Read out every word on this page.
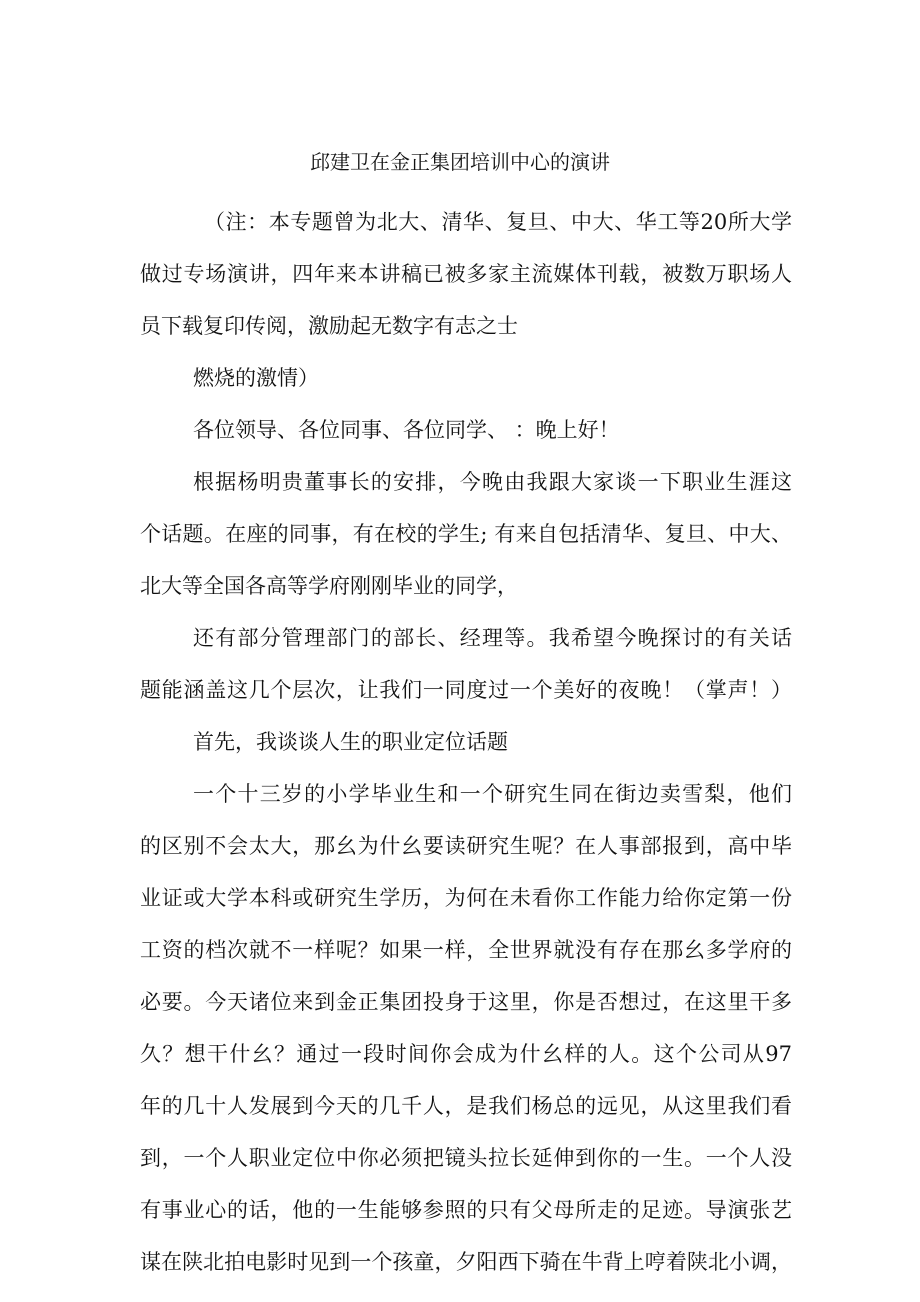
邱建卫在金正集团培训中心的演讲
（注：本专题曾为北大、清华、复旦、中大、华工等20所大学
做过专场演讲，四年来本讲稿已被多家主流媒体刊载，被数万职场人
员下载复印传阅，激励起无数字有志之士
燃烧的激情）
各位领导、各位同事、各位同学、 ：晚上好！
根据杨明贵董事长的安排，今晚由我跟大家谈一下职业生涯这
个话题。在座的同事，有在校的学生; 有来自包括清华、复旦、中大、
北大等全国各高等学府刚刚毕业的同学，
还有部分管理部门的部长、经理等。我希望今晚探讨的有关话
题能涵盖这几个层次，让我们一同度过一个美好的夜晚！（掌声！）
首先，我谈谈人生的职业定位话题
一个十三岁的小学毕业生和一个研究生同在街边卖雪梨，他们
的区别不会太大，那幺为什幺要读研究生呢？在人事部报到，高中毕
业证或大学本科或研究生学历，为何在未看你工作能力给你定第一份
工资的档次就不一样呢？如果一样，全世界就没有存在那幺多学府的
必要。今天诸位来到金正集团投身于这里，你是否想过，在这里干多
久？想干什幺？通过一段时间你会成为什幺样的人。这个公司从97
年的几十人发展到今天的几千人，是我们杨总的远见，从这里我们看
到，一个人职业定位中你必须把镜头拉长延伸到你的一生。一个人没
有事业心的话，他的一生能够参照的只有父母所走的足迹。导演张艺
谋在陕北拍电影时见到一个孩童，夕阳西下骑在牛背上哼着陕北小调，
